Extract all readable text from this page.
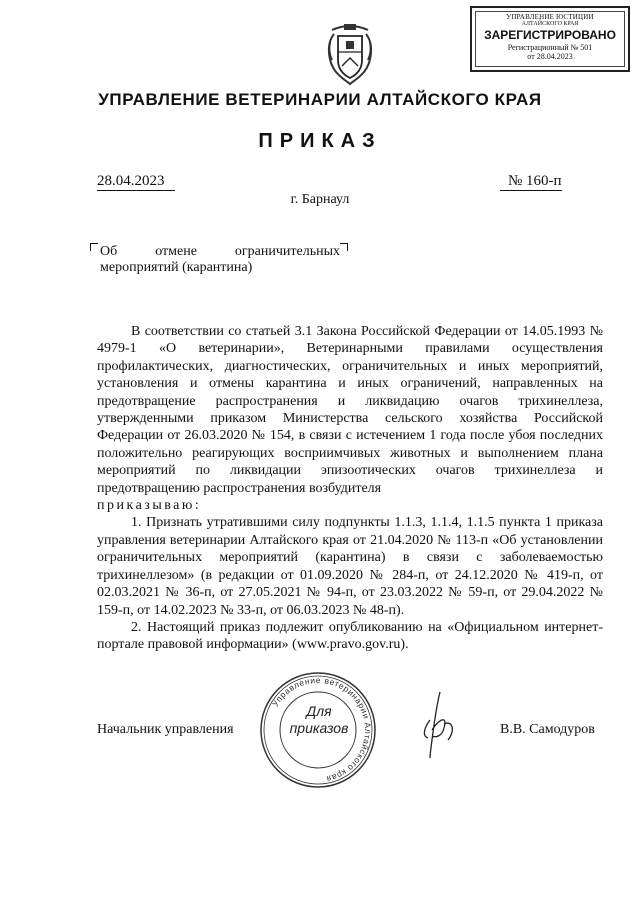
УПРАВЛЕНИЕ ЮСТИЦИИ
АЛТАЙСКОГО КРАЯ
ЗАРЕГИСТРИРОВАНО
Регистрационный № 501
от 28.04.2023
УПРАВЛЕНИЕ ВЕТЕРИНАРИИ АЛТАЙСКОГО КРАЯ
ПРИКАЗ
28.04.2023	№ 160-п
г. Барнаул
Об	отмене	ограничительных
мероприятий (карантина)

В соответствии со статьей 3.1 Закона Российской Федерации от 14.05.1993 № 4979-1 «О ветеринарии», Ветеринарными правилами осуществления профилактических, диагностических, ограничительных и иных мероприятий, установления и отмены карантина и иных ограничений, направленных на предотвращение распространения и ликвидацию очагов трихинеллеза, утвержденными приказом Министерства сельского хозяйства Российской Федерации от 26.03.2020 № 154, в связи с истечением 1 года после убоя последних положительно реагирующих восприимчивых животных и выполнением плана мероприятий по ликвидации эпизоотических очагов трихинеллеза и предотвращению распространения возбудителя

приказываю:

1. Признать утратившими силу подпункты 1.1.3, 1.1.4, 1.1.5 пункта 1 приказа управления ветеринарии Алтайского края от 21.04.2020 № 113-п «Об установлении ограничительных мероприятий (карантина) в связи с заболеваемостью трихинеллезом» (в редакции от 01.09.2020 № 284-п, от 24.12.2020 № 419-п, от 02.03.2021 № 36-п, от 27.05.2021 № 94-п, от 23.03.2022 № 59-п, от 29.04.2022 № 159-п, от 14.02.2023 № 33-п, от 06.03.2023 № 48-п).

2. Настоящий приказ подлежит опубликованию на «Официальном интернет-портале правовой информации» (www.pravo.gov.ru).

Начальник управления	В.В. Самодуров
Управление ветеринарии Алтайского края
Для
приказов
